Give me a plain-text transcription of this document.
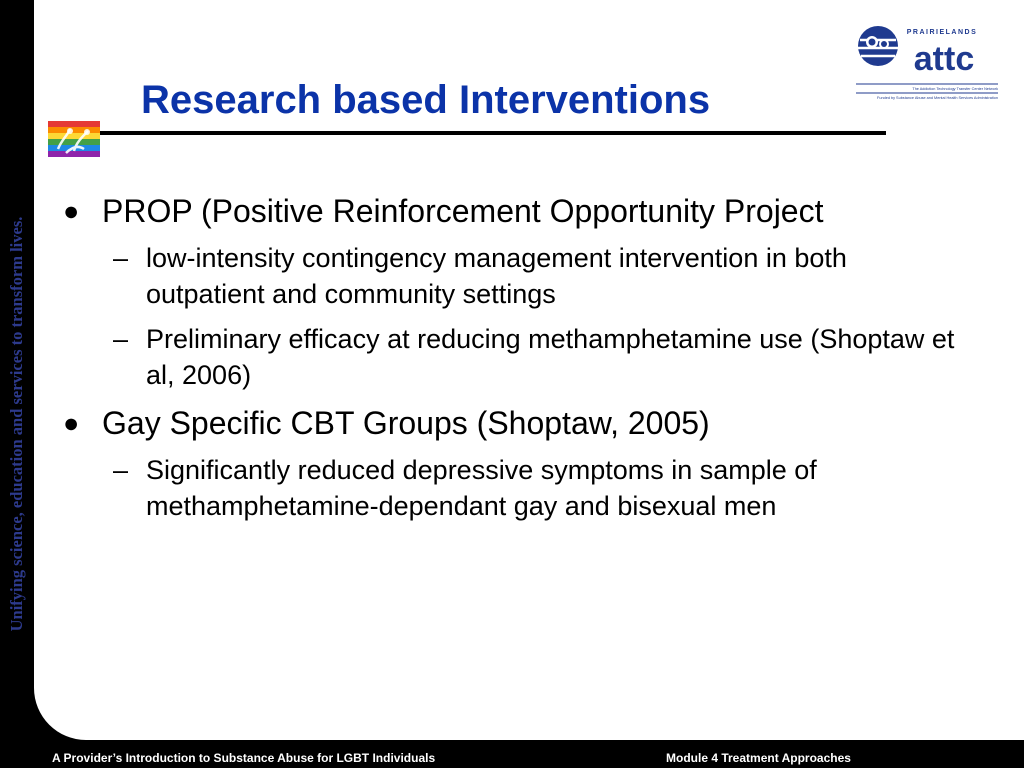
Unifying science, education and services to transform lives.
A Provider’s Introduction to Substance Abuse for LGBT Individuals	Module 4 Treatment Approaches
Research based Interventions
PRAIRIELANDS
attc
The Addiction Technology Transfer Center Network
Funded by Substance Abuse and Mental Health Services Administration
● PROP (Positive Reinforcement Opportunity Project
– low-intensity contingency management intervention in both outpatient and community settings
– Preliminary efficacy at reducing methamphetamine use (Shoptaw et al, 2006)
● Gay Specific CBT Groups (Shoptaw, 2005)
– Significantly reduced depressive symptoms in sample of methamphetamine-dependant gay and bisexual men
